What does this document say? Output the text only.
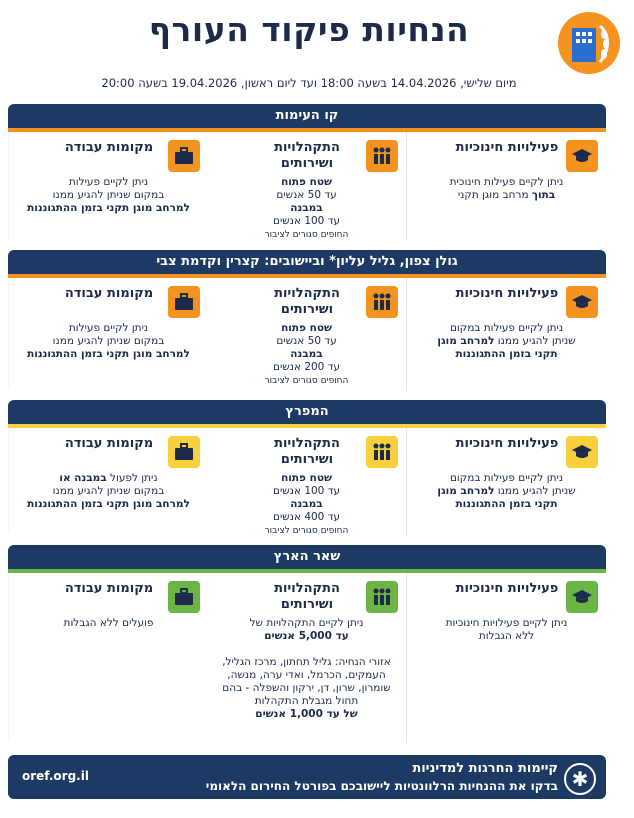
הנחיות פיקוד העורף
מיום שלישי, 14.04.2026 בשעה 18:00 ועד ליום ראשון, 19.04.2026 בשעה 20:00
קו העימות
פעילויות חינוכיות
ניתן לקיים פעילות חינוכית
בתוך מרחב מוגן תקני
התקהלויות ושירותים
שטח פתוח
עד 50 אנשים
במבנה
עד 100 אנשים
החופים סגורים לציבור
מקומות עבודה
ניתן לקיים פעילות
במקום שניתן להגיע ממנו
למרחב מוגן תקני בזמן ההתגוננות
גולן צפון, גליל עליון* וביישובים: קצרין וקדמת צבי
פעילויות חינוכיות
ניתן לקיים פעילות במקום
שניתן להגיע ממנו למרחב מוגן
תקני בזמן ההתגוננות
התקהלויות ושירותים
שטח פתוח
עד 50 אנשים
במבנה
עד 200 אנשים
החופים סגורים לציבור
מקומות עבודה
ניתן לקיים פעילות
במקום שניתן להגיע ממנו
למרחב מוגן תקני בזמן ההתגוננות
המפרץ
פעילויות חינוכיות
ניתן לקיים פעילות במקום
שניתן להגיע ממנו למרחב מוגן
תקני בזמן ההתגוננות
התקהלויות ושירותים
שטח פתוח
עד 100 אנשים
במבנה
עד 400 אנשים
החופים סגורים לציבור
מקומות עבודה
ניתן לפעול במבנה או
במקום שניתן להגיע ממנו
למרחב מוגן תקני בזמן ההתגוננות
שאר הארץ
פעילויות חינוכיות
ניתן לקיים פעילויות חינוכיות
ללא הגבלות
התקהלויות ושירותים
ניתן לקיים התקהלויות של
עד 5,000 אנשים

אזורי הנחיה: גליל תחתון, מרכז הגליל, העמקים, הכרמל, ואדי ערה, מנשה, שומרון, שרון, דן, ירקון והשפלה - בהם תחול מגבלת התקהלות
של עד 1,000 אנשים
מקומות עבודה
פועלים ללא הגבלות
✱
קיימות החרגות למדיניות
בדקו את ההנחיות הרלוונטיות ליישובכם בפורטל החירום הלאומי
oref.org.il
